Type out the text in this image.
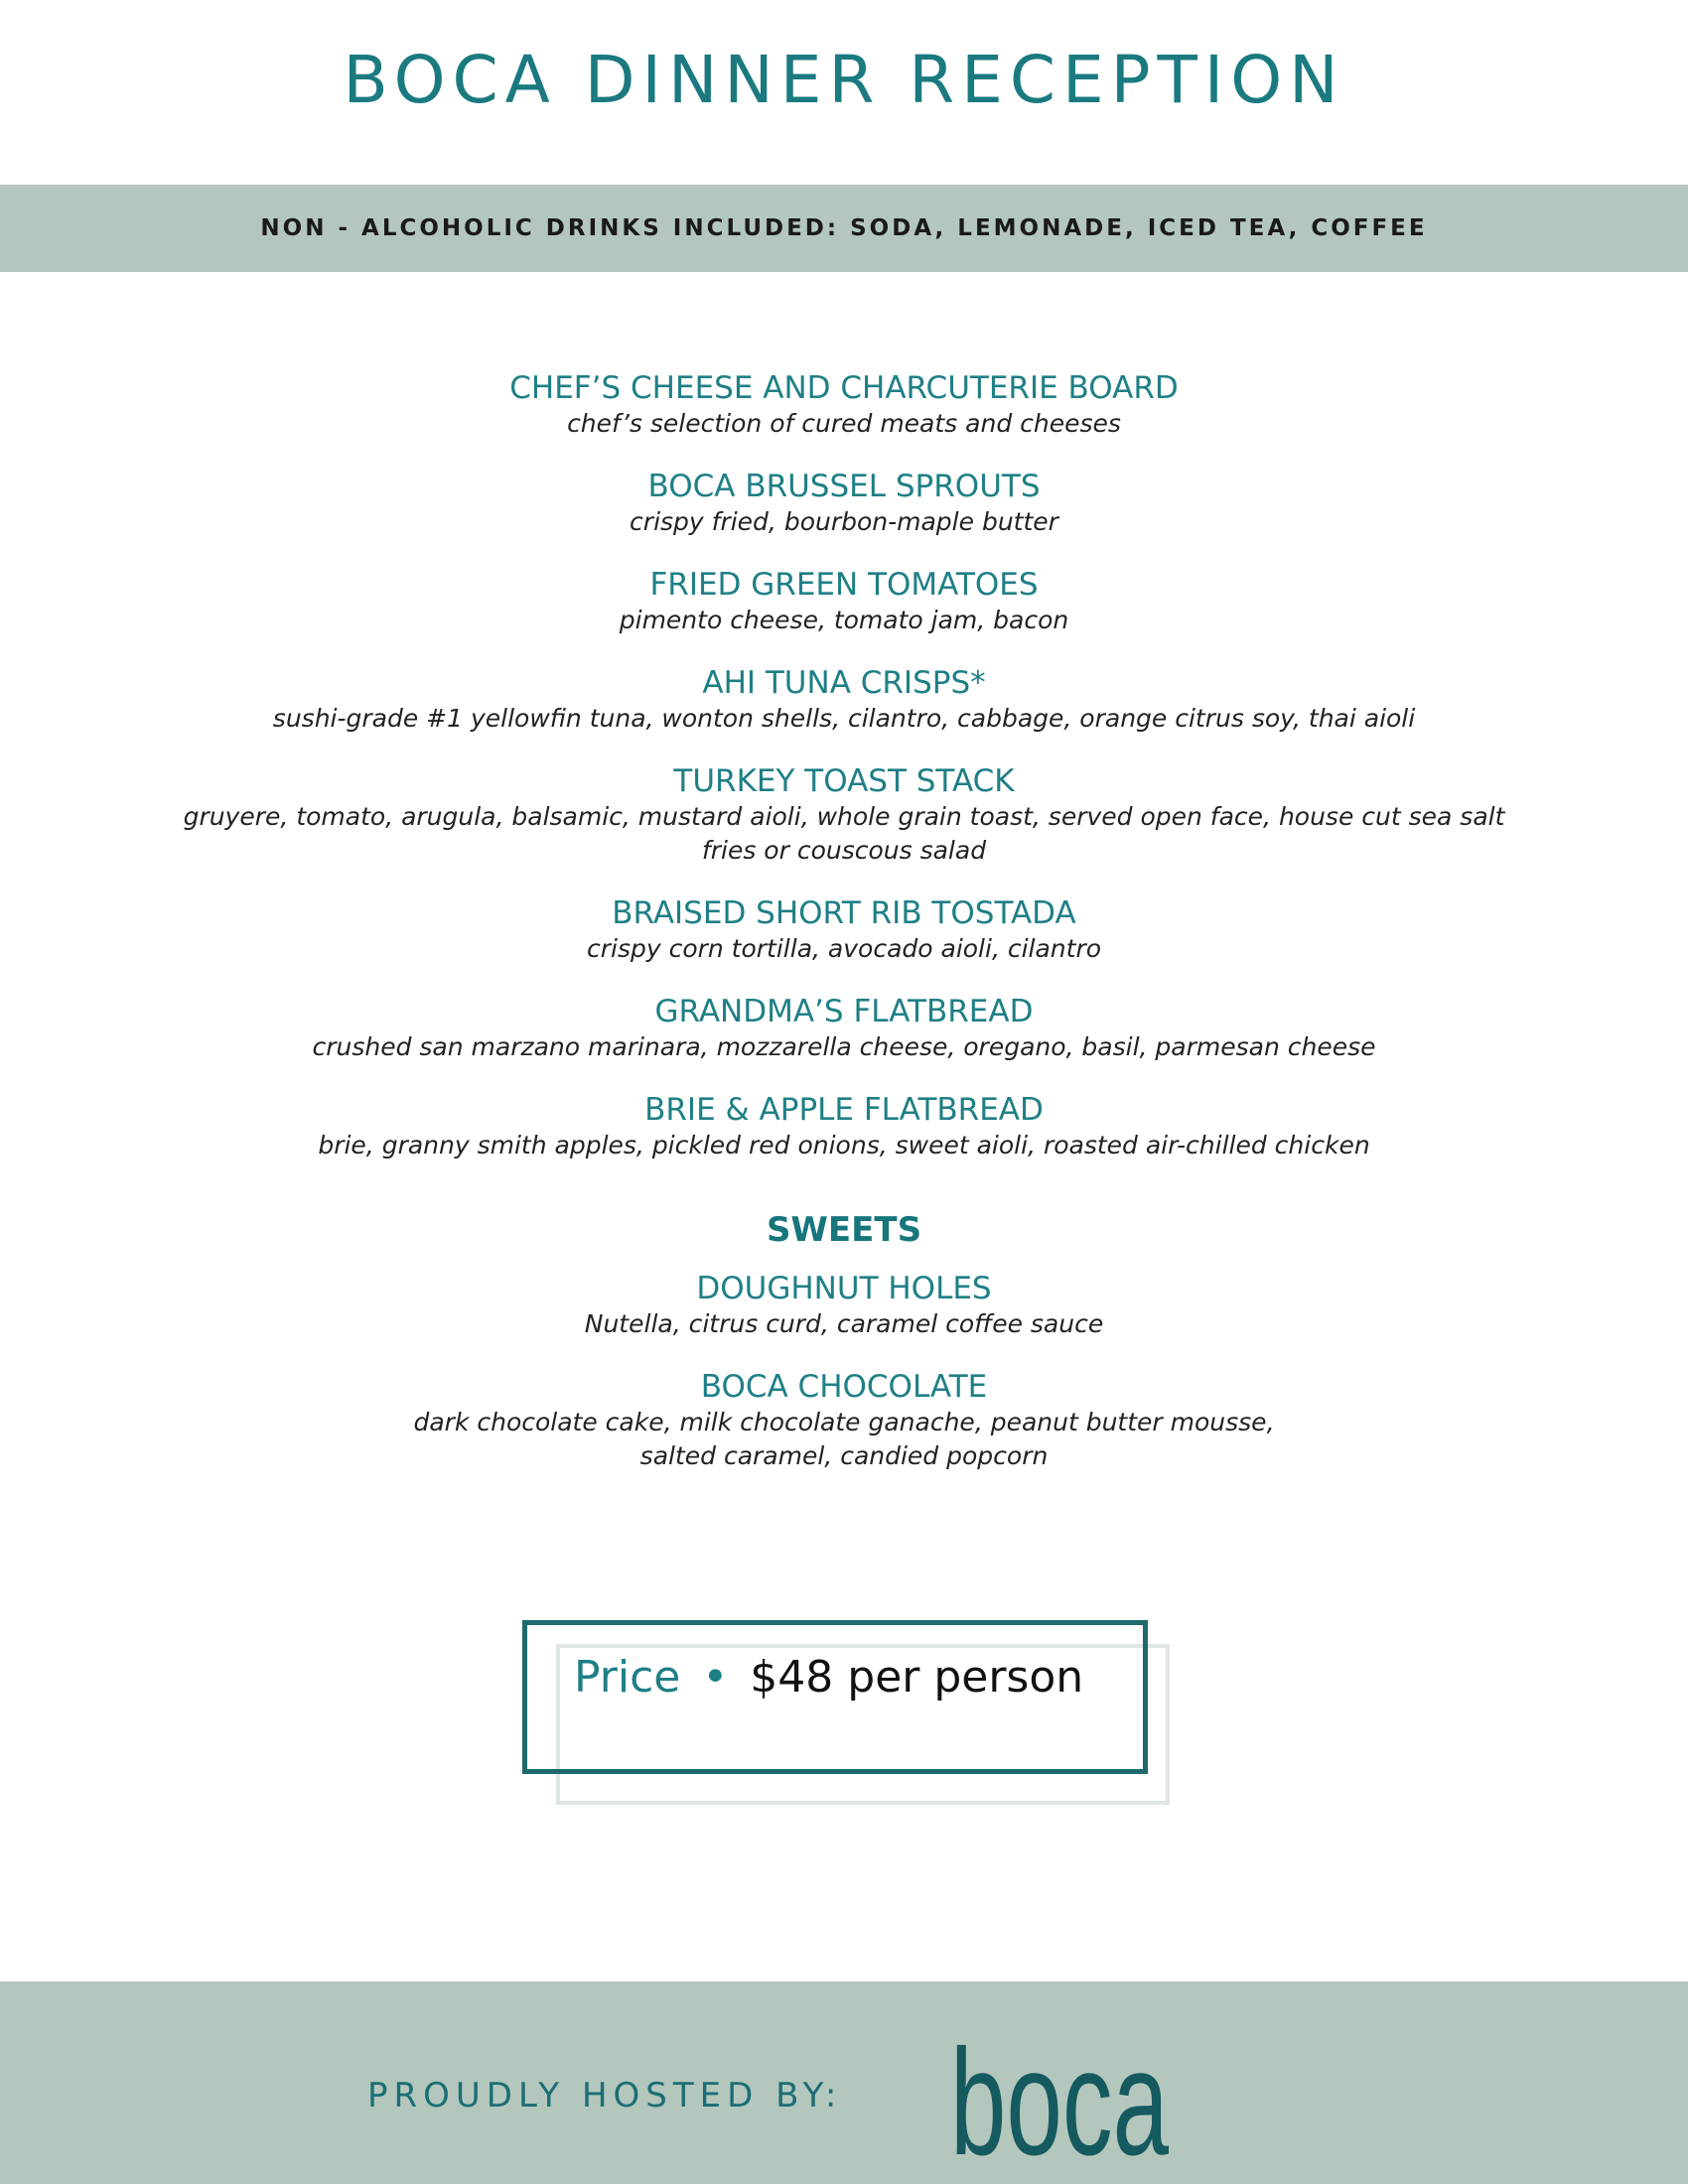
BOCA DINNER RECEPTION
NON - ALCOHOLIC DRINKS INCLUDED: SODA, LEMONADE, ICED TEA, COFFEE
CHEF’S CHEESE AND CHARCUTERIE BOARD
chef’s selection of cured meats and cheeses
BOCA BRUSSEL SPROUTS
crispy fried, bourbon-maple butter
FRIED GREEN TOMATOES
pimento cheese, tomato jam, bacon
AHI TUNA CRISPS*
sushi-grade #1 yellowfin tuna, wonton shells, cilantro, cabbage, orange citrus soy, thai aioli
TURKEY TOAST STACK
gruyere, tomato, arugula, balsamic, mustard aioli, whole grain toast, served open face, house cut sea salt
fries or couscous salad
BRAISED SHORT RIB TOSTADA
crispy corn tortilla, avocado aioli, cilantro
GRANDMA’S FLATBREAD
crushed san marzano marinara, mozzarella cheese, oregano, basil, parmesan cheese
BRIE & APPLE FLATBREAD
brie, granny smith apples, pickled red onions, sweet aioli, roasted air-chilled chicken
SWEETS
DOUGHNUT HOLES
Nutella, citrus curd, caramel coffee sauce
BOCA CHOCOLATE
dark chocolate cake, milk chocolate ganache, peanut butter mousse,
salted caramel, candied popcorn
Price • $48 per person
PROUDLY HOSTED BY: boca
